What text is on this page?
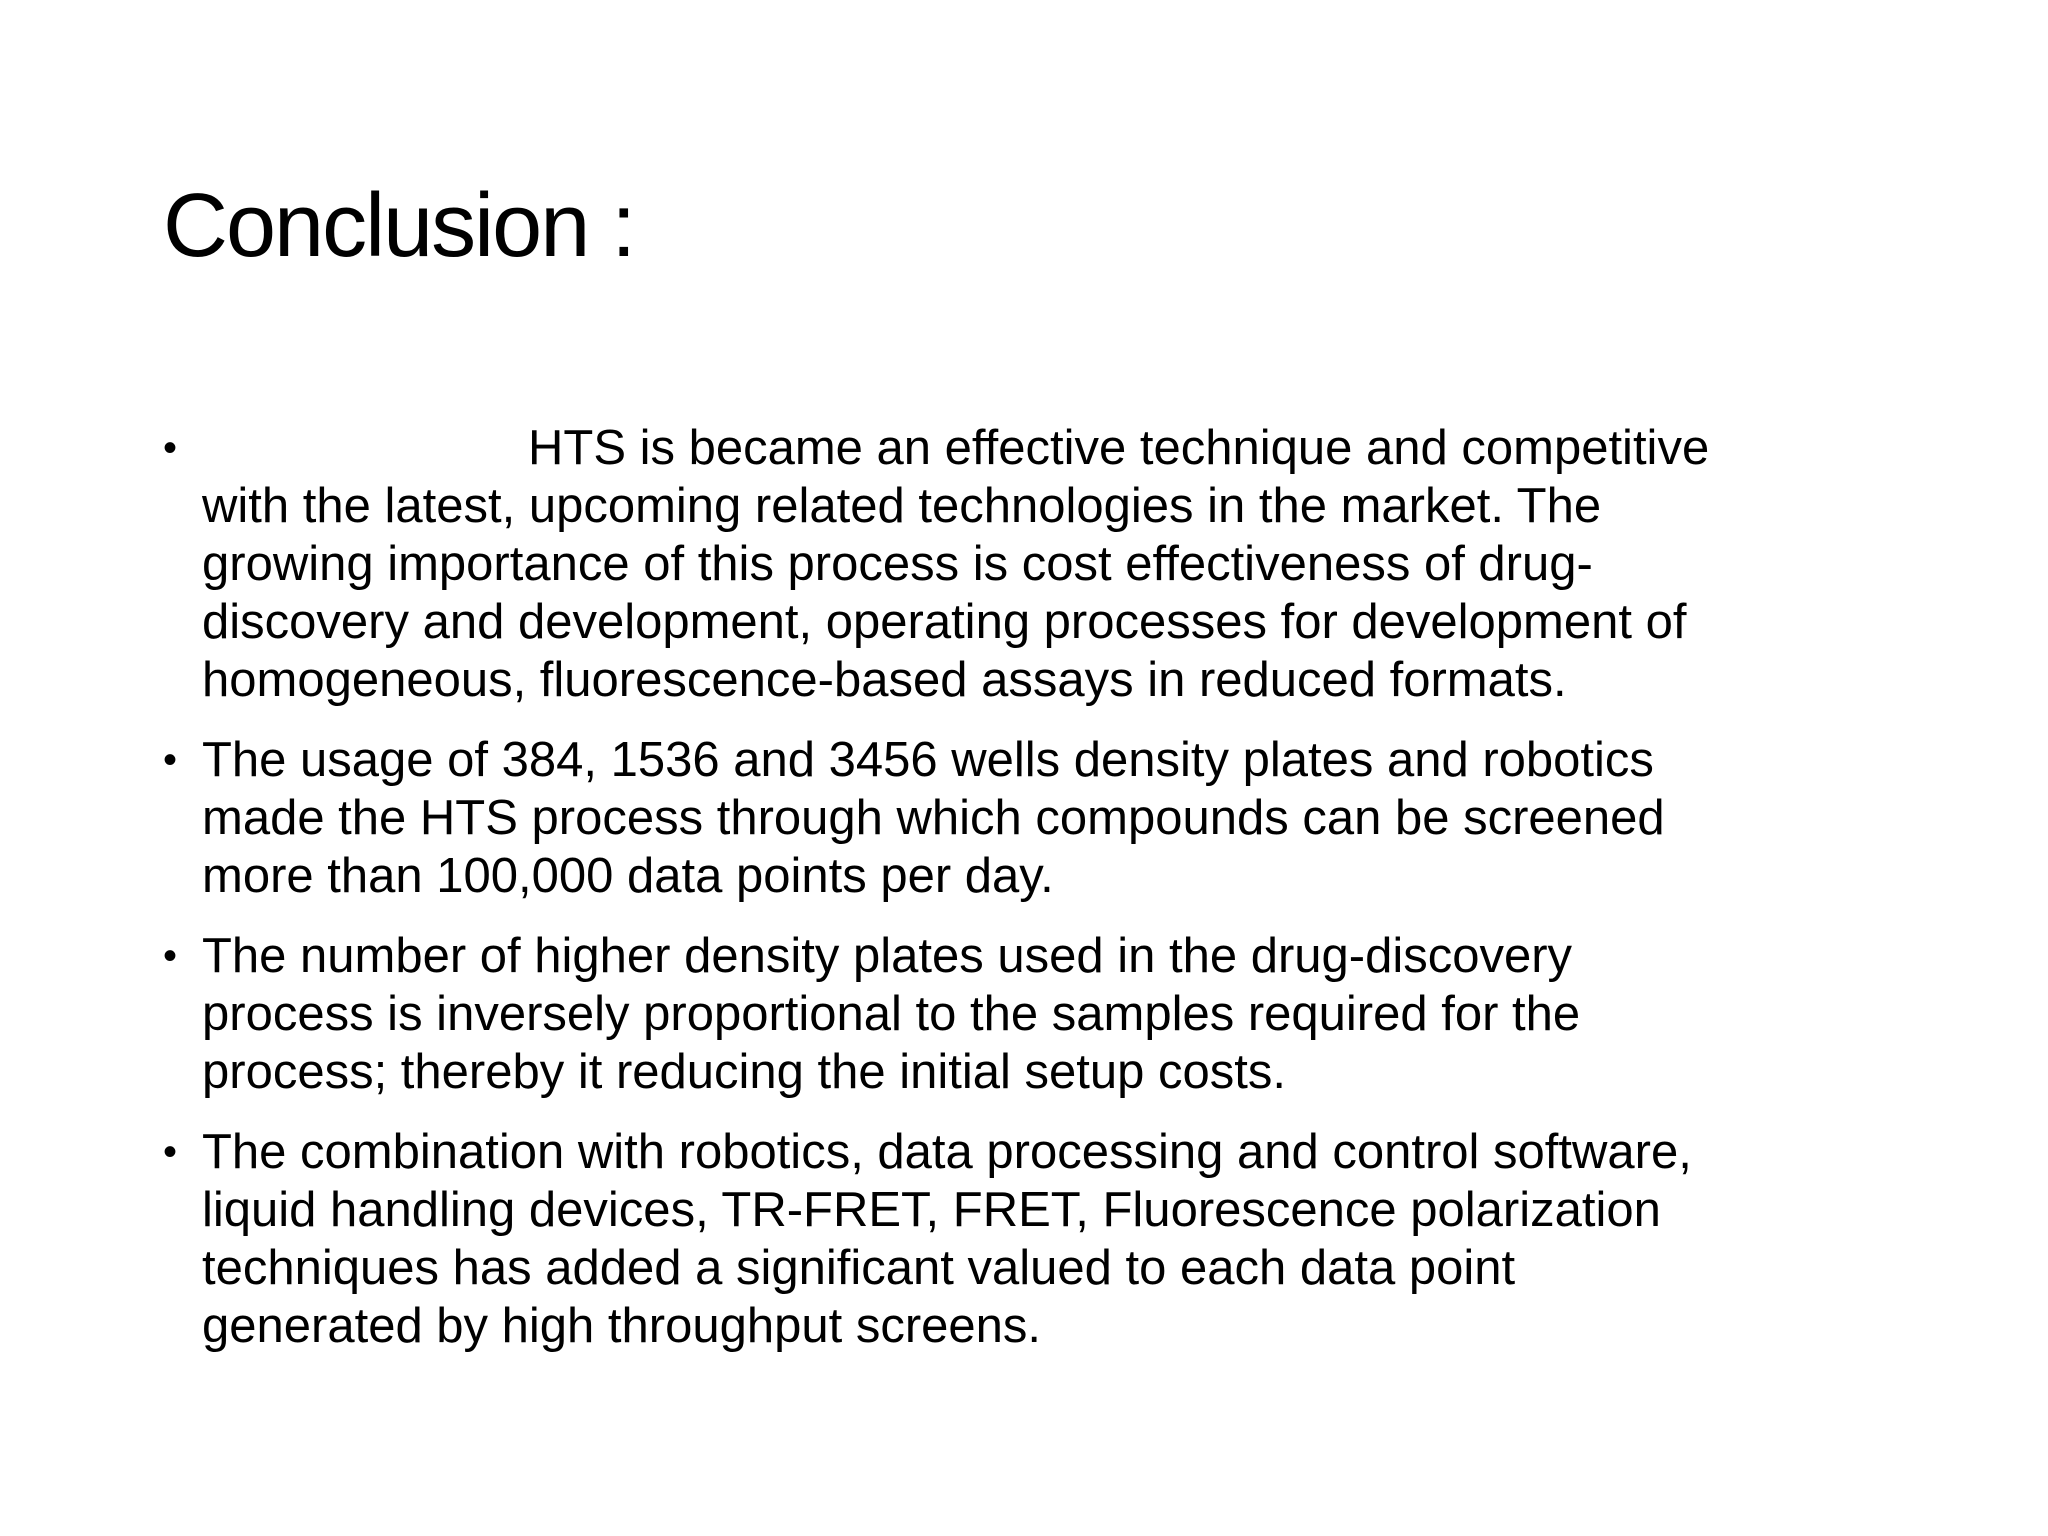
Conclusion :
•	HTS is became an effective technique and competitive
with the latest, upcoming related technologies in the market. The
growing importance of this process is cost effectiveness of drug-
discovery and development, operating processes for development of
homogeneous, fluorescence-based assays in reduced formats.
• The usage of 384, 1536 and 3456 wells density plates and robotics
made the HTS process through which compounds can be screened
more than 100,000 data points per day.
• The number of higher density plates used in the drug-discovery
process is inversely proportional to the samples required for the
process; thereby it reducing the initial setup costs.
• The combination with robotics, data processing and control software,
liquid handling devices, TR-FRET, FRET, Fluorescence polarization
techniques has added a significant valued to each data point
generated by high throughput screens.
